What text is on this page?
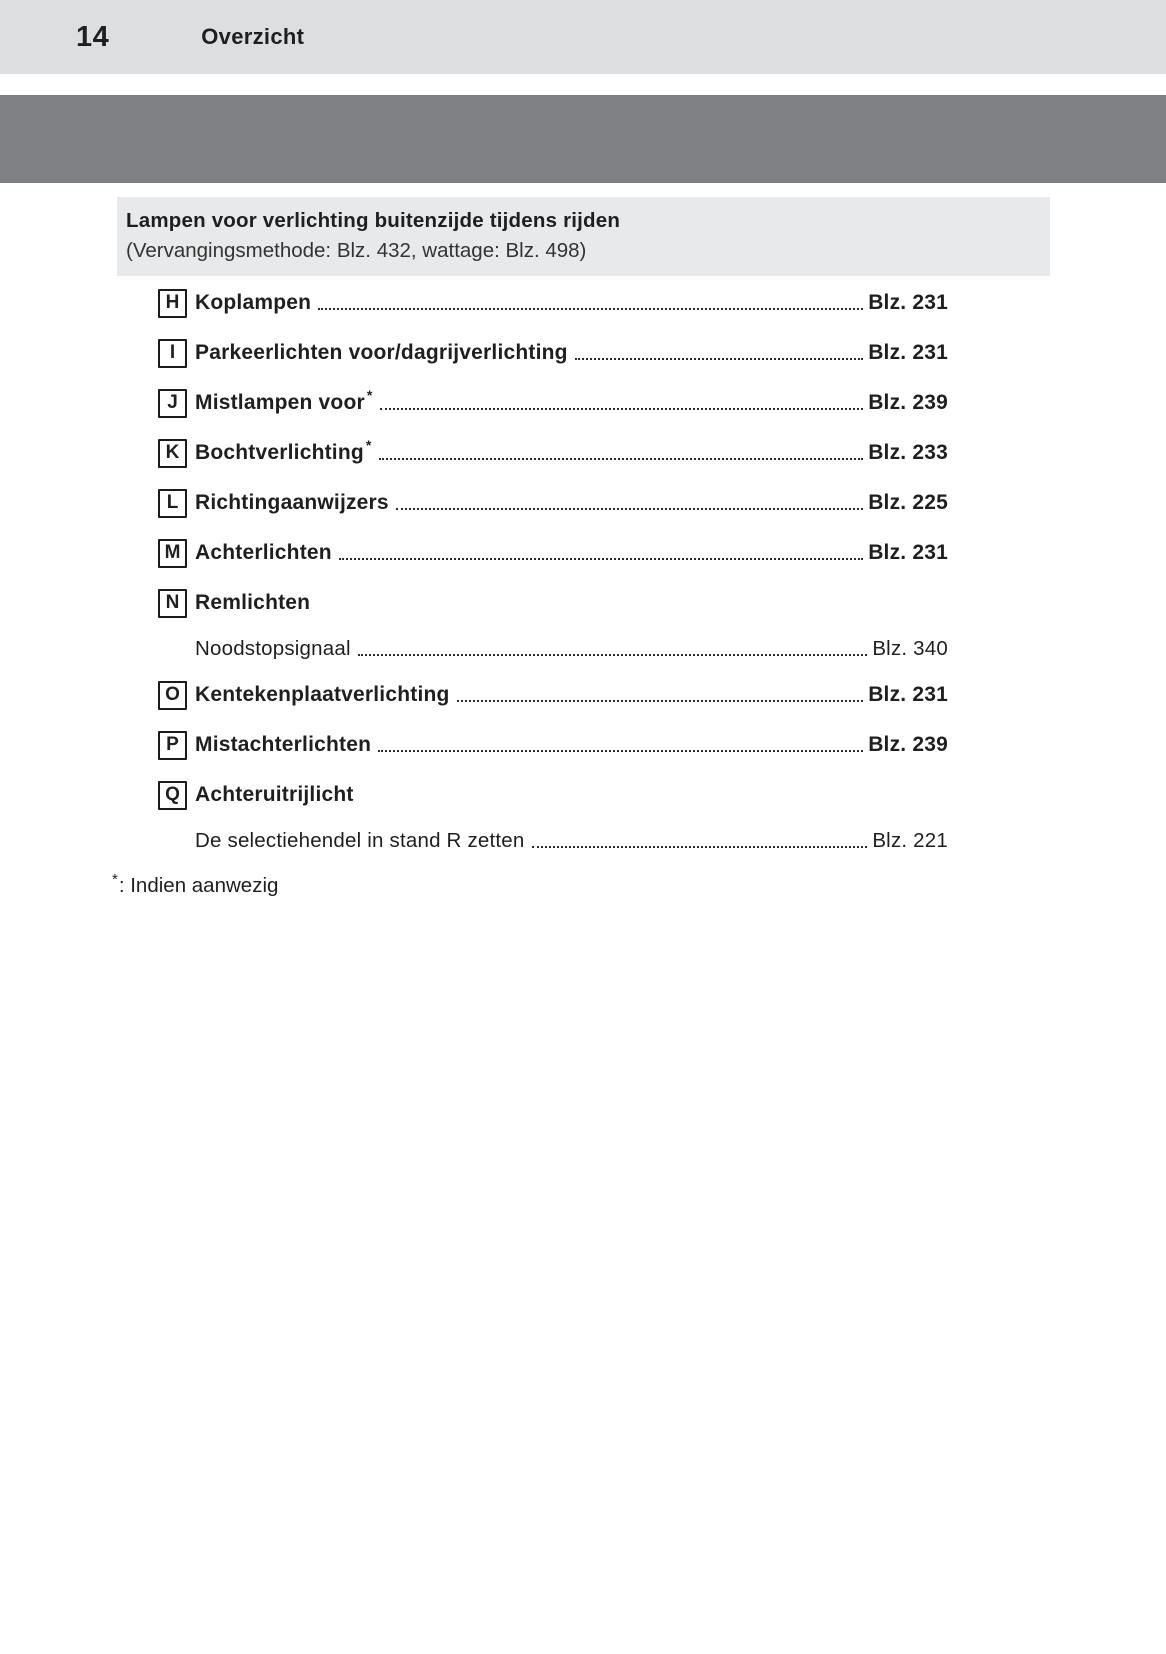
14	Overzicht
Lampen voor verlichting buitenzijde tijdens rijden
(Vervangingsmethode: Blz. 432, wattage: Blz. 498)
H Koplampen	Blz. 231
I Parkeerlichten voor/dagrijverlichting	Blz. 231
J Mistlampen voor *	Blz. 239
K Bochtverlichting *	Blz. 233
L Richtingaanwijzers	Blz. 225
M Achterlichten	Blz. 231
N Remlichten
Noodstopsignaal	Blz. 340
O Kentekenplaatverlichting	Blz. 231
P Mistachterlichten	Blz. 239
Q Achteruitrijlicht
De selectiehendel in stand R zetten	Blz. 221
*: Indien aanwezig
